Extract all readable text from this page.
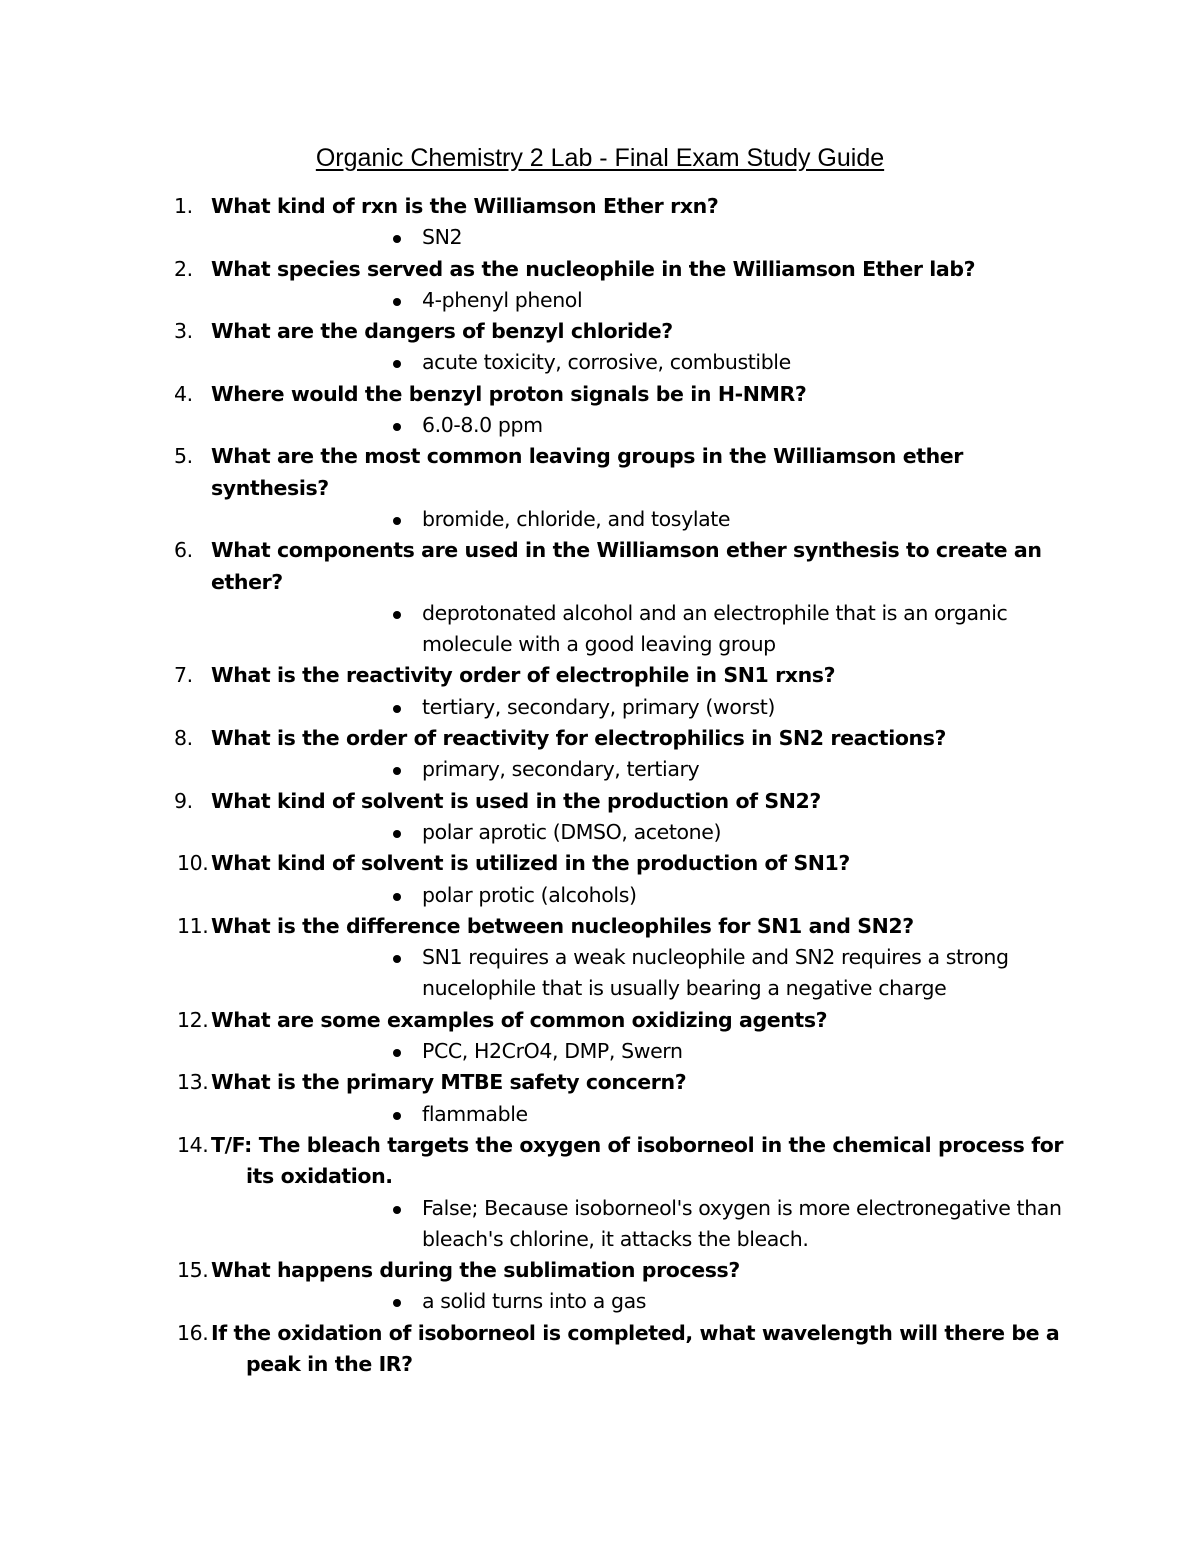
Organic Chemistry 2 Lab - Final Exam Study Guide
1. What kind of rxn is the Williamson Ether rxn?
SN2
2. What species served as the nucleophile in the Williamson Ether lab?
4-phenyl phenol
3. What are the dangers of benzyl chloride?
acute toxicity, corrosive, combustible
4. Where would the benzyl proton signals be in H-NMR?
6.0-8.0 ppm
5. What are the most common leaving groups in the Williamson ether synthesis?
bromide, chloride, and tosylate
6. What components are used in the Williamson ether synthesis to create an ether?
deprotonated alcohol and an electrophile that is an organic molecule with a good leaving group
7. What is the reactivity order of electrophile in SN1 rxns?
tertiary, secondary, primary (worst)
8. What is the order of reactivity for electrophilics in SN2 reactions?
primary, secondary, tertiary
9. What kind of solvent is used in the production of SN2?
polar aprotic (DMSO, acetone)
10. What kind of solvent is utilized in the production of SN1?
polar protic (alcohols)
11. What is the difference between nucleophiles for SN1 and SN2?
SN1 requires a weak nucleophile and SN2 requires a strong nucelophile that is usually bearing a negative charge
12. What are some examples of common oxidizing agents?
PCC, H2CrO4, DMP, Swern
13. What is the primary MTBE safety concern?
flammable
14. T/F: The bleach targets the oxygen of isoborneol in the chemical process for its oxidation.
False; Because isoborneol's oxygen is more electronegative than bleach's chlorine, it attacks the bleach.
15. What happens during the sublimation process?
a solid turns into a gas
16. If the oxidation of isoborneol is completed, what wavelength will there be a peak in the IR?
